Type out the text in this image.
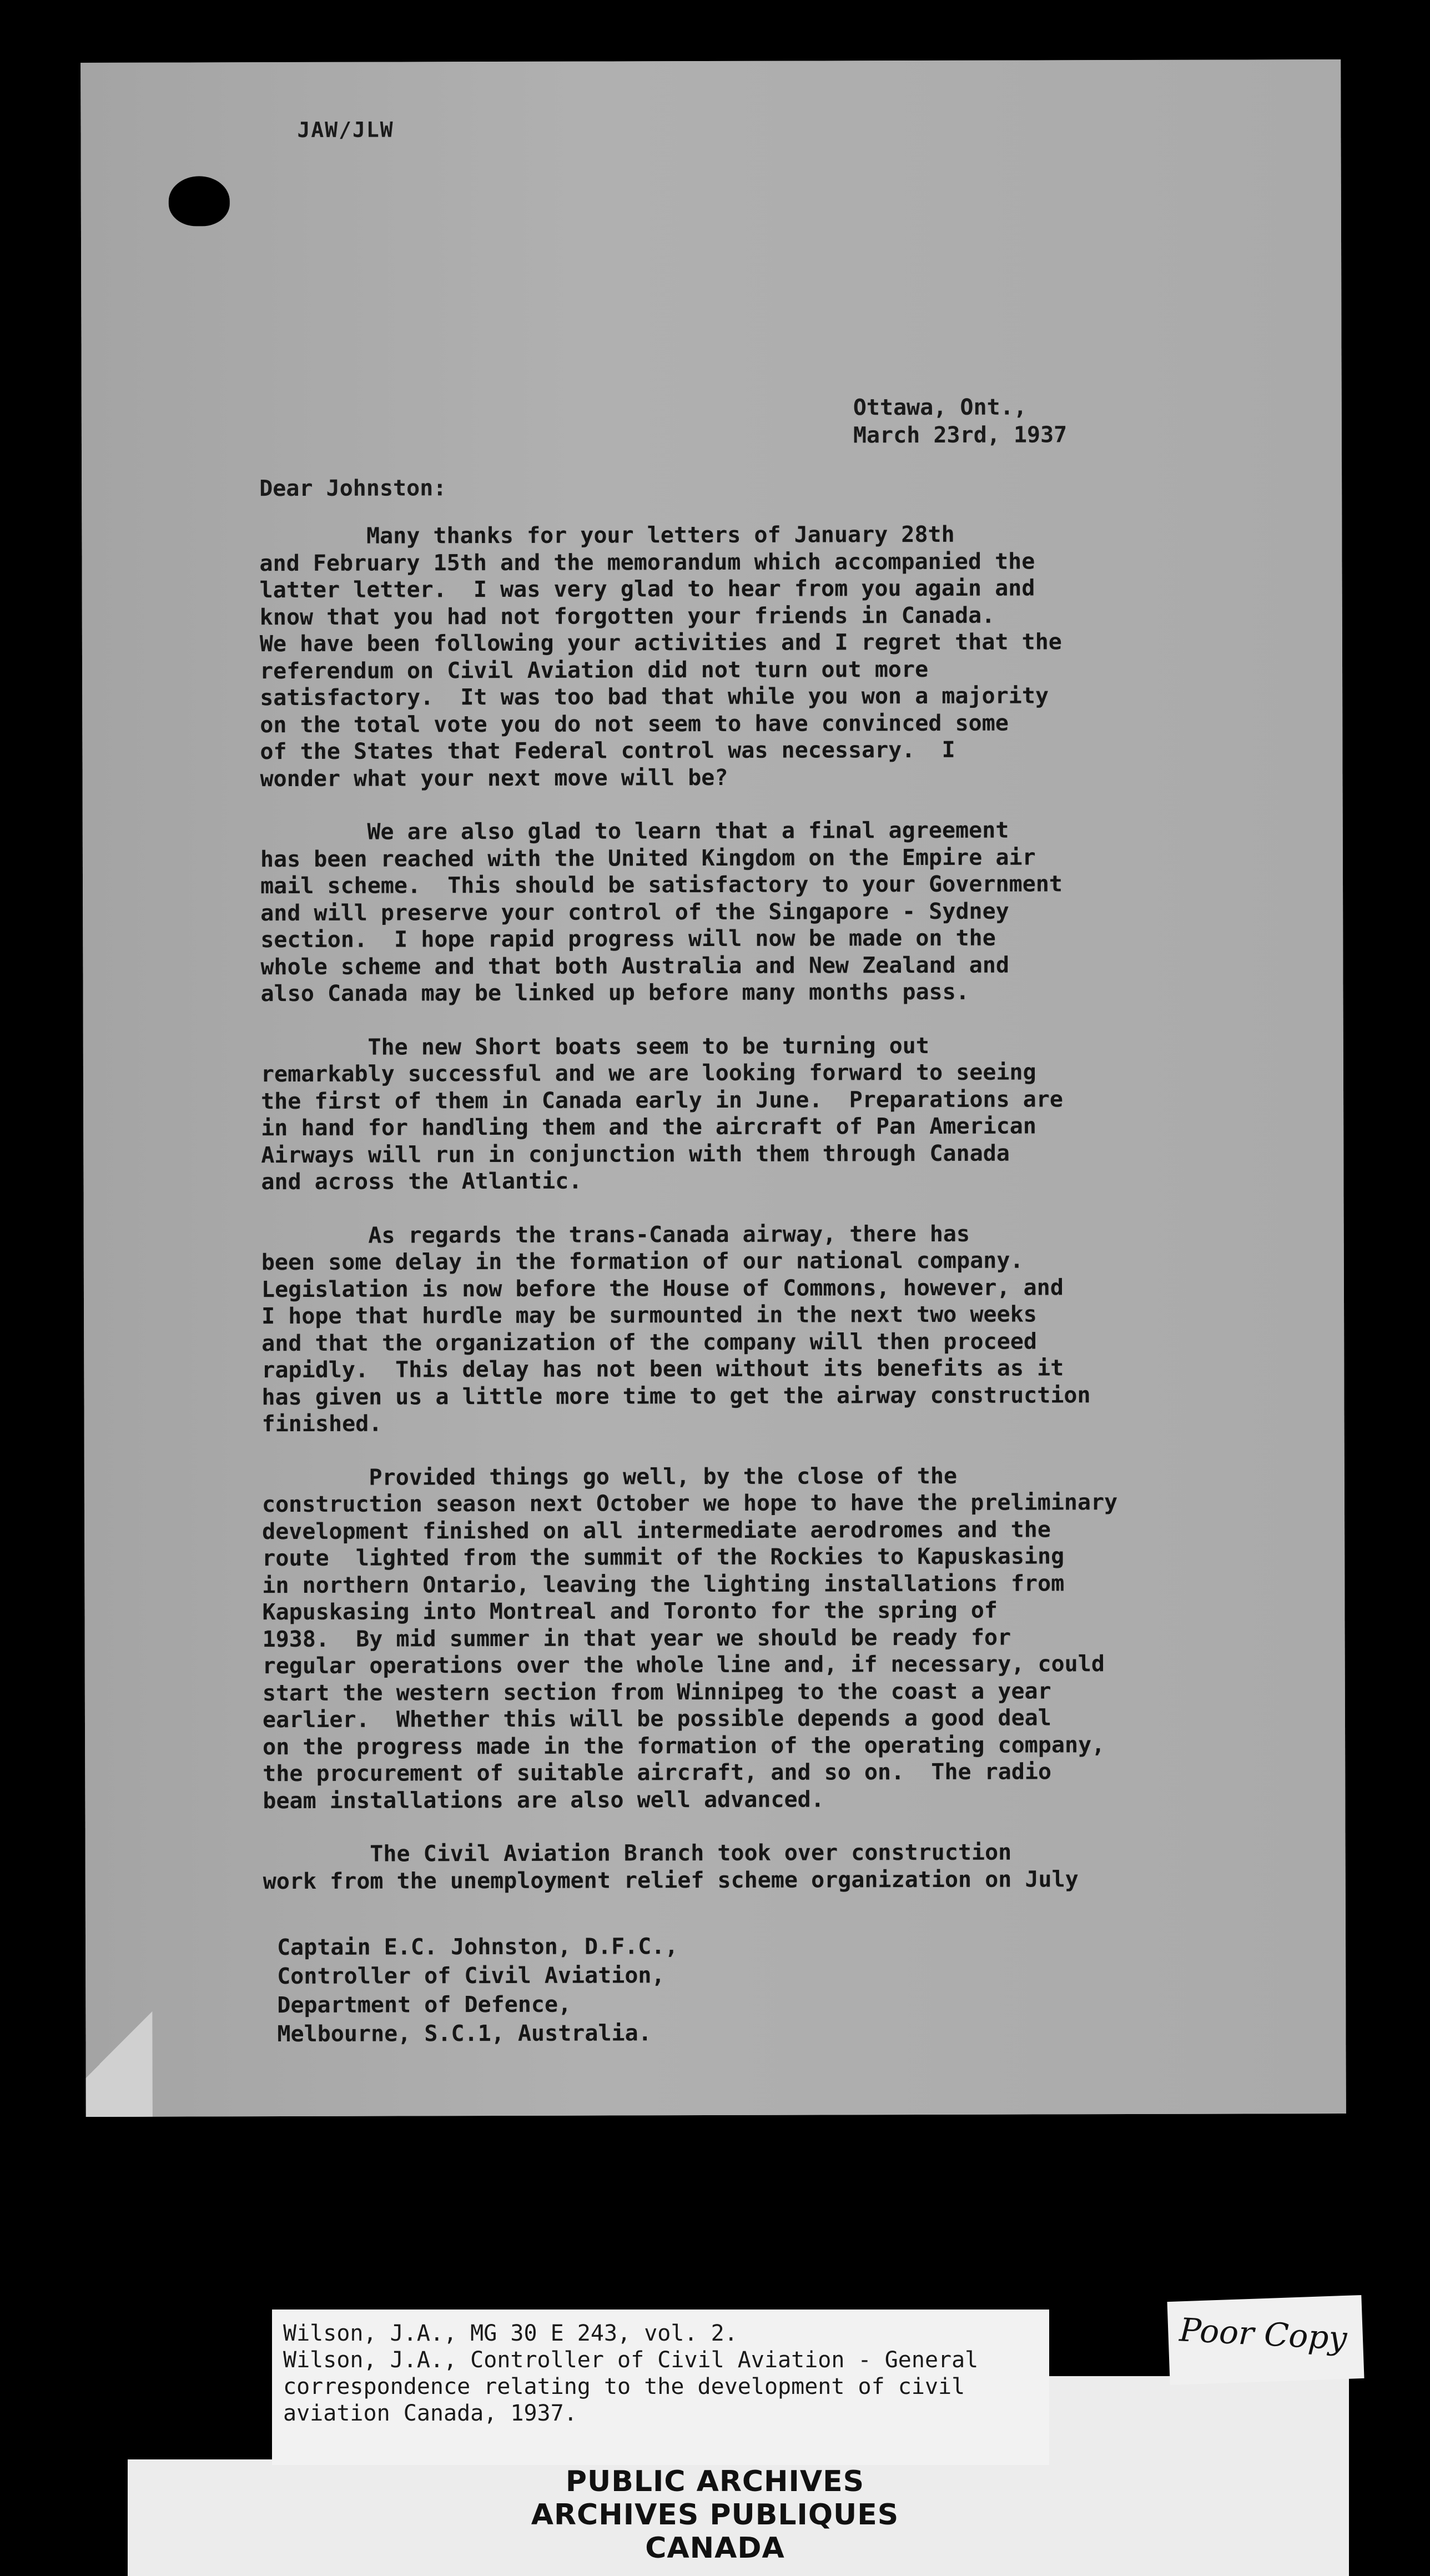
JAW/JLW
Ottawa, Ont.,
March 23rd, 1937
Dear Johnston:

Many thanks for your letters of January 28th
and February 15th and the memorandum which accompanied the
latter letter.  I was very glad to hear from you again and
know that you had not forgotten your friends in Canada.
We have been following your activities and I regret that the
referendum on Civil Aviation did not turn out more
satisfactory.  It was too bad that while you won a majority
on the total vote you do not seem to have convinced some
of the States that Federal control was necessary.  I
wonder what your next move will be?

We are also glad to learn that a final agreement
has been reached with the United Kingdom on the Empire air
mail scheme.  This should be satisfactory to your Government
and will preserve your control of the Singapore - Sydney
section.  I hope rapid progress will now be made on the
whole scheme and that both Australia and New Zealand and
also Canada may be linked up before many months pass.

The new Short boats seem to be turning out
remarkably successful and we are looking forward to seeing
the first of them in Canada early in June.  Preparations are
in hand for handling them and the aircraft of Pan American
Airways will run in conjunction with them through Canada
and across the Atlantic.

As regards the trans-Canada airway, there has
been some delay in the formation of our national company.
Legislation is now before the House of Commons, however, and
I hope that hurdle may be surmounted in the next two weeks
and that the organization of the company will then proceed
rapidly.  This delay has not been without its benefits as it
has given us a little more time to get the airway construction
finished.

Provided things go well, by the close of the
construction season next October we hope to have the preliminary
development finished on all intermediate aerodromes and the
route  lighted from the summit of the Rockies to Kapuskasing
in northern Ontario, leaving the lighting installations from
Kapuskasing into Montreal and Toronto for the spring of
1938.  By mid summer in that year we should be ready for
regular operations over the whole line and, if necessary, could
start the western section from Winnipeg to the coast a year
earlier.  Whether this will be possible depends a good deal
on the progress made in the formation of the operating company,
the procurement of suitable aircraft, and so on.  The radio
beam installations are also well advanced.

The Civil Aviation Branch took over construction
work from the unemployment relief scheme organization on July

Captain E.C. Johnston, D.F.C.,
Controller of Civil Aviation,
Department of Defence,
Melbourne, S.C.1, Australia.
Wilson, J.A., MG 30 E 243, vol. 2.
Wilson, J.A., Controller of Civil Aviation - General
correspondence relating to the development of civil
aviation Canada, 1937.
PUBLIC ARCHIVES
ARCHIVES PUBLIQUES
CANADA
Poor Copy
